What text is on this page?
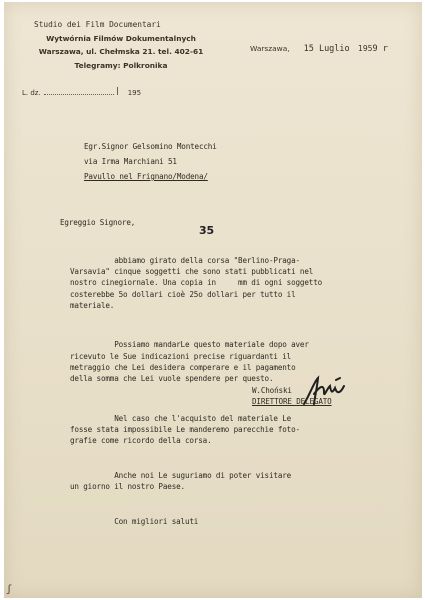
Studio dei Film Documentari
Wytwórnia Filmów Dokumentalnych
Warszawa, ul. Chełmska 21. tel. 402-61
Telegramy: Polkronika
Warszawa, 15 Luglio 1959 r
L. dz.	195
Egr.Signor Gelsomino Montecchi
via Irma Marchiani 51
Pavullo nel Frignano/Modena/

Egreggio Signore,

abbiamo girato della corsa "Berlino-Praga-
Varsavia" cinque soggetti che sono stati pubblicati nel
nostro cinegiornale. Una copia in     mm di ogni soggetto
costerebbe 5o dollari cioè 25o dollari per tutto il
materiale.

Possiamo mandarLe questo materiale dopo aver
ricevuto le Sue indicazioni precise riguardanti il
metraggio che Lei desidera comperare e il pagamento
della somma che Lei vuole spendere per questo.

Nel caso che l'acquisto del materiale Le
fosse stata impossibile Le manderemo parecchie foto-
grafie come ricordo della corsa.

Anche noi Le suguriamo di poter visitare
un giorno il nostro Paese.

Con migliori saluti

35
W.Choński
DIRETTORE DELEGATO
ʃ
